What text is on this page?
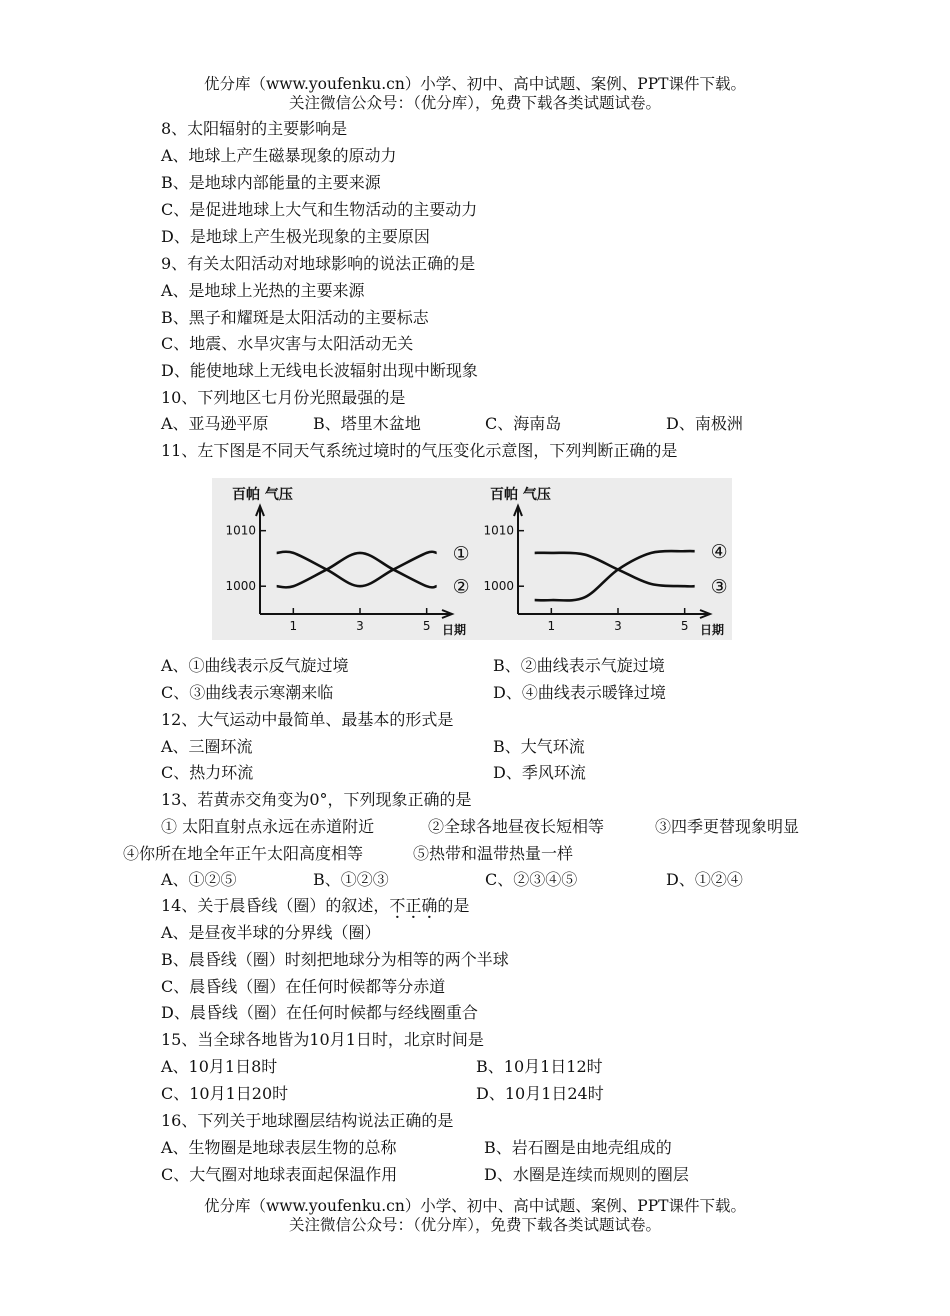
优分库（www.youfenku.cn）小学、初中、高中试题、案例、PPT课件下载。
关注微信公众号：（优分库），免费下载各类试题试卷。
8、太阳辐射的主要影响是
A、地球上产生磁暴现象的原动力
B、是地球内部能量的主要来源
C、是促进地球上大气和生物活动的主要动力
D、是地球上产生极光现象的主要原因
9、有关太阳活动对地球影响的说法正确的是
A、是地球上光热的主要来源
B、黑子和耀斑是太阳活动的主要标志
C、地震、水旱灾害与太阳活动无关
D、能使地球上无线电长波辐射出现中断现象
10、下列地区七月份光照最强的是
A、亚马逊平原	B、塔里木盆地	C、海南岛	D、南极洲
11、左下图是不同天气系统过境时的气压变化示意图，下列判断正确的是
百帕 气压
日期
1010
1000
1	3	5
①
②
百帕 气压
日期
1010
1000
1	3	5
③
④
A、①曲线表示反气旋过境	B、②曲线表示气旋过境
C、③曲线表示寒潮来临	D、④曲线表示暖锋过境
12、大气运动中最简单、最基本的形式是
A、三圈环流	B、大气环流
C、热力环流	D、季风环流
13、若黄赤交角变为0°，下列现象正确的是
① 太阳直射点永远在赤道附近	②全球各地昼夜长短相等	③四季更替现象明显
④你所在地全年正午太阳高度相等	⑤热带和温带热量一样
A、①②⑤	B、①②③	C、②③④⑤	D、①②④
14、关于晨昏线（圈）的叙述，不正确的是
A、是昼夜半球的分界线（圈）
B、晨昏线（圈）时刻把地球分为相等的两个半球
C、晨昏线（圈）在任何时候都等分赤道
D、晨昏线（圈）在任何时候都与经线圈重合
15、当全球各地皆为10月1日时，北京时间是
A、10月1日8时	B、10月1日12时
C、10月1日20时	D、10月1日24时
16、下列关于地球圈层结构说法正确的是
A、生物圈是地球表层生物的总称	B、岩石圈是由地壳组成的
C、大气圈对地球表面起保温作用	D、水圈是连续而规则的圈层
优分库（www.youfenku.cn）小学、初中、高中试题、案例、PPT课件下载。
关注微信公众号：（优分库），免费下载各类试题试卷。
